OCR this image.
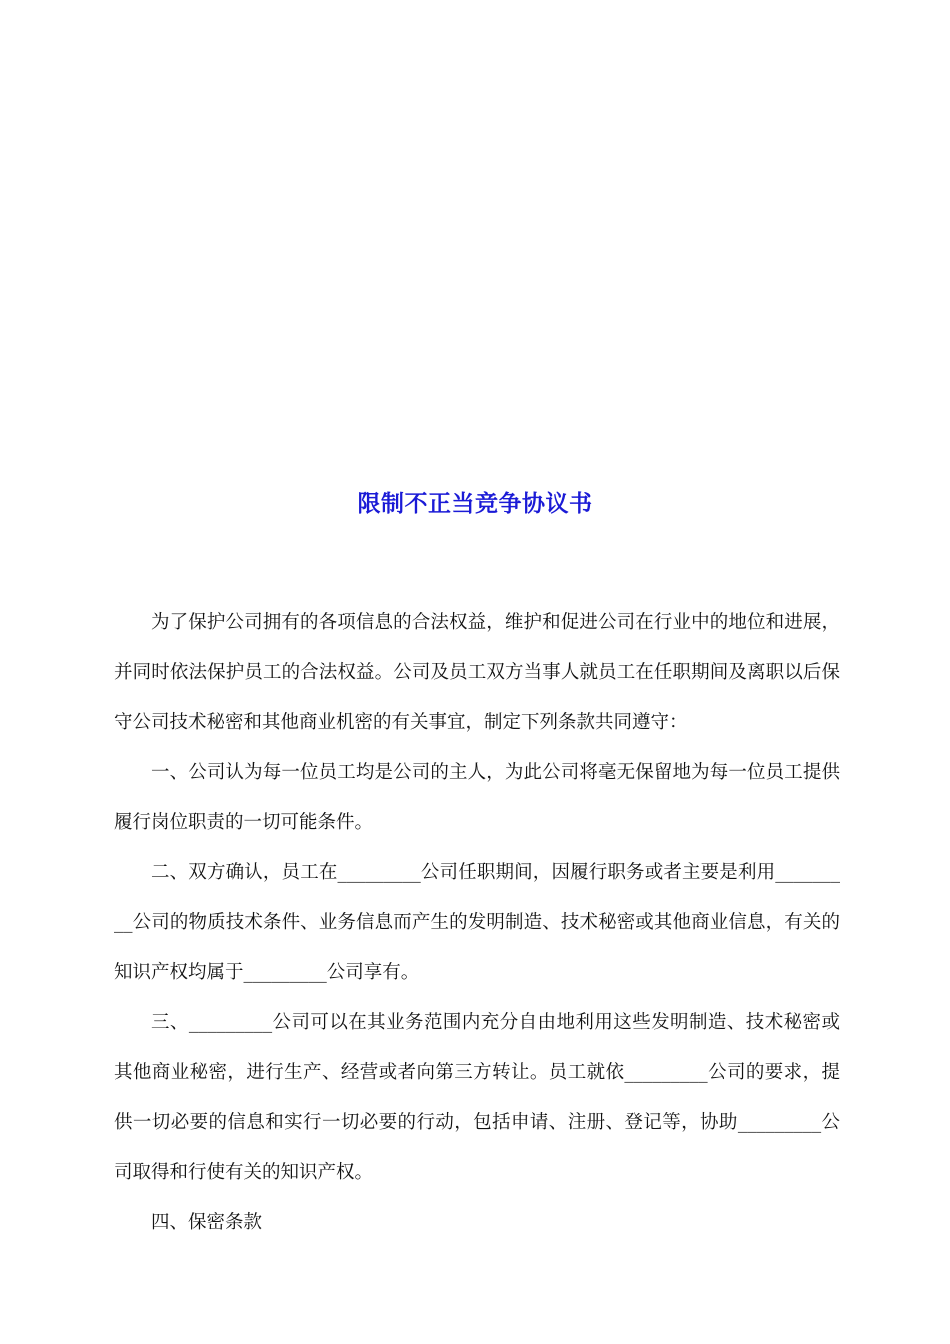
限制不正当竞争协议书

为了保护公司拥有的各项信息的合法权益，维护和促进公司在行业中的地位和进展，并同时依法保护员工的合法权益。公司及员工双方当事人就员工在任职期间及离职以后保守公司技术秘密和其他商业机密的有关事宜，制定下列条款共同遵守：

一、公司认为每一位员工均是公司的主人，为此公司将毫无保留地为每一位员工提供履行岗位职责的一切可能条件。

二、双方确认，员工在_________公司任职期间，因履行职务或者主要是利用_________公司的物质技术条件、业务信息而产生的发明制造、技术秘密或其他商业信息，有关的知识产权均属于_________公司享有。

三、_________公司可以在其业务范围内充分自由地利用这些发明制造、技术秘密或其他商业秘密，进行生产、经营或者向第三方转让。员工就依_________公司的要求，提供一切必要的信息和实行一切必要的行动，包括申请、注册、登记等，协助_________公司取得和行使有关的知识产权。

四、保密条款
